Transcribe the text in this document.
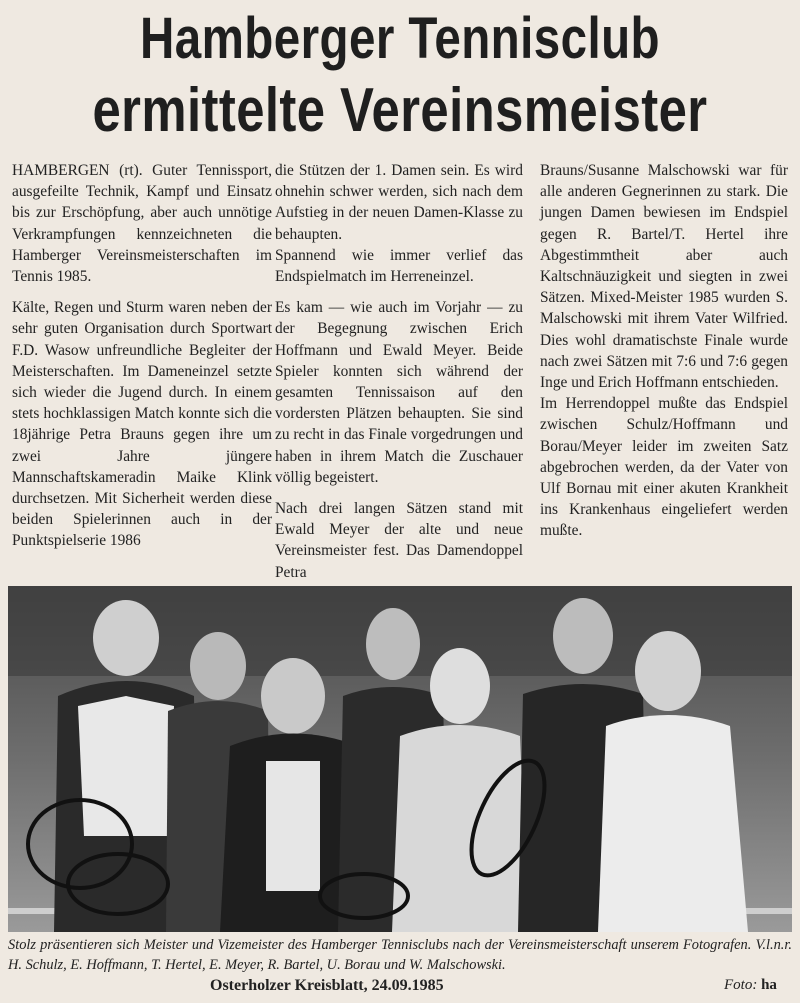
Hamberger Tennisclub
ermittelte Vereinsmeister

HAMBERGEN (rt). Guter Tennissport, ausgefeilte Technik, Kampf und Einsatz bis zur Erschöpfung, aber auch unnötige Verkrampfungen kennzeichneten die Hamberger Vereinsmeisterschaften im Tennis 1985.

Kälte, Regen und Sturm waren neben der sehr guten Organisation durch Sportwart F.D. Wasow unfreundliche Begleiter der Meisterschaften. Im Dameneinzel setzte sich wieder die Jugend durch. In einem stets hochklassigen Match konnte sich die 18jährige Petra Brauns gegen ihre um zwei Jahre jüngere Mannschaftskameradin Maike Klink durchsetzen. Mit Sicherheit werden diese beiden Spielerinnen auch in der Punktspielserie 1986

die Stützen der 1. Damen sein. Es wird ohnehin schwer werden, sich nach dem Aufstieg in der neuen Damen-Klasse zu behaupten.

Spannend wie immer verlief das Endspielmatch im Herreneinzel.

Es kam — wie auch im Vorjahr — zu der Begegnung zwischen Erich Hoffmann und Ewald Meyer. Beide Spieler konnten sich während der gesamten Tennissaison auf den vordersten Plätzen behaupten. Sie sind zu recht in das Finale vorgedrungen und haben in ihrem Match die Zuschauer völlig begeistert.

Nach drei langen Sätzen stand mit Ewald Meyer der alte und neue Vereinsmeister fest. Das Damendoppel Petra

Brauns/Susanne Malschowski war für alle anderen Gegnerinnen zu stark. Die jungen Damen bewiesen im Endspiel gegen R. Bartel/T. Hertel ihre Abgestimmtheit aber auch Kaltschnäuzigkeit und siegten in zwei Sätzen. Mixed-Meister 1985 wurden S. Malschowski mit ihrem Vater Wilfried. Dies wohl dramatischste Finale wurde nach zwei Sätzen mit 7:6 und 7:6 gegen Inge und Erich Hoffmann entschieden.

Im Herrendoppel mußte das Endspiel zwischen Schulz/Hoffmann und Borau/Meyer leider im zweiten Satz abgebrochen werden, da der Vater von Ulf Bornau mit einer akuten Krankheit ins Krankenhaus eingeliefert werden mußte.

Stolz präsentieren sich Meister und Vizemeister des Hamberger Tennisclubs nach der Vereinsmeisterschaft unserem Fotografen. V.l.n.r. H. Schulz, E. Hoffmann, T. Hertel, E. Meyer, R. Bartel, U. Borau und W. Malschowski.
Osterholzer Kreisblatt, 24.09.1985	Foto: ha
